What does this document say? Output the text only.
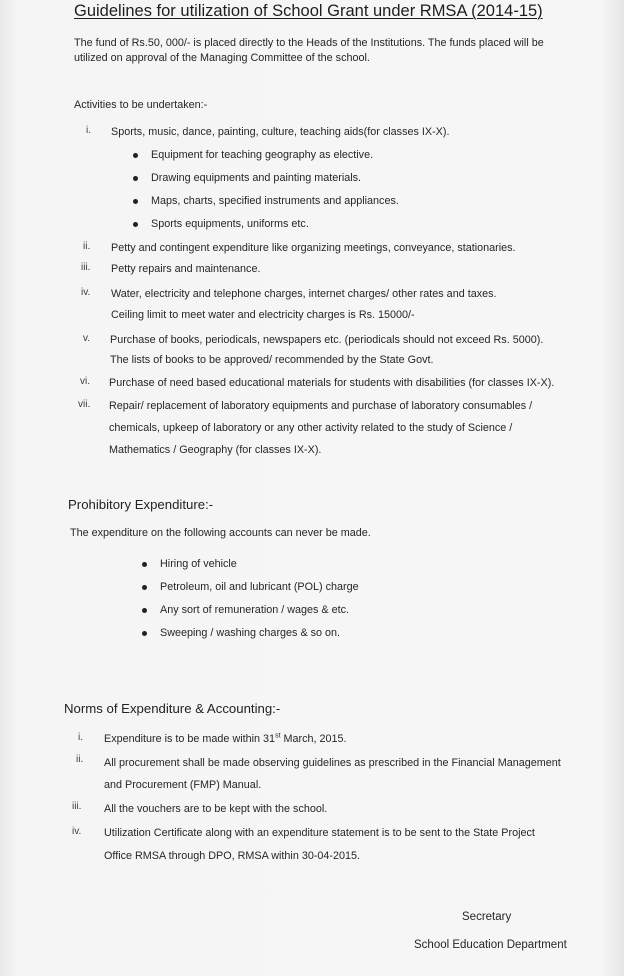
Guidelines for utilization of School Grant under RMSA (2014-15)
The fund of Rs.50, 000/- is placed directly to the Heads of the Institutions. The funds placed will be
utilized on approval of the Managing Committee of the school.
Activities to be undertaken:-
i. Sports, music, dance, painting, culture, teaching aids(for classes IX-X).
Equipment for teaching geography as elective.
Drawing equipments and painting materials.
Maps, charts, specified instruments and appliances.
Sports equipments, uniforms etc.
ii. Petty and contingent expenditure like organizing meetings, conveyance, stationaries.
iii. Petty repairs and maintenance.
iv. Water, electricity and telephone charges, internet charges/ other rates and taxes.
Ceiling limit to meet water and electricity charges is Rs. 15000/-
v. Purchase of books, periodicals, newspapers etc. (periodicals should not exceed Rs. 5000).
The lists of books to be approved/ recommended by the State Govt.
vi. Purchase of need based educational materials for students with disabilities (for classes IX-X).
vii. Repair/ replacement of laboratory equipments and purchase of laboratory consumables /
chemicals, upkeep of laboratory or any other activity related to the study of Science /
Mathematics / Geography (for classes IX-X).
Prohibitory Expenditure:-
The expenditure on the following accounts can never be made.
Hiring of vehicle
Petroleum, oil and lubricant (POL) charge
Any sort of remuneration / wages & etc.
Sweeping / washing charges & so on.
Norms of Expenditure & Accounting:-
i. Expenditure is to be made within 31st March, 2015.
ii. All procurement shall be made observing guidelines as prescribed in the Financial Management
and Procurement (FMP) Manual.
iii. All the vouchers are to be kept with the school.
iv. Utilization Certificate along with an expenditure statement is to be sent to the State Project
Office RMSA through DPO, RMSA within 30-04-2015.
Secretary
School Education Department
